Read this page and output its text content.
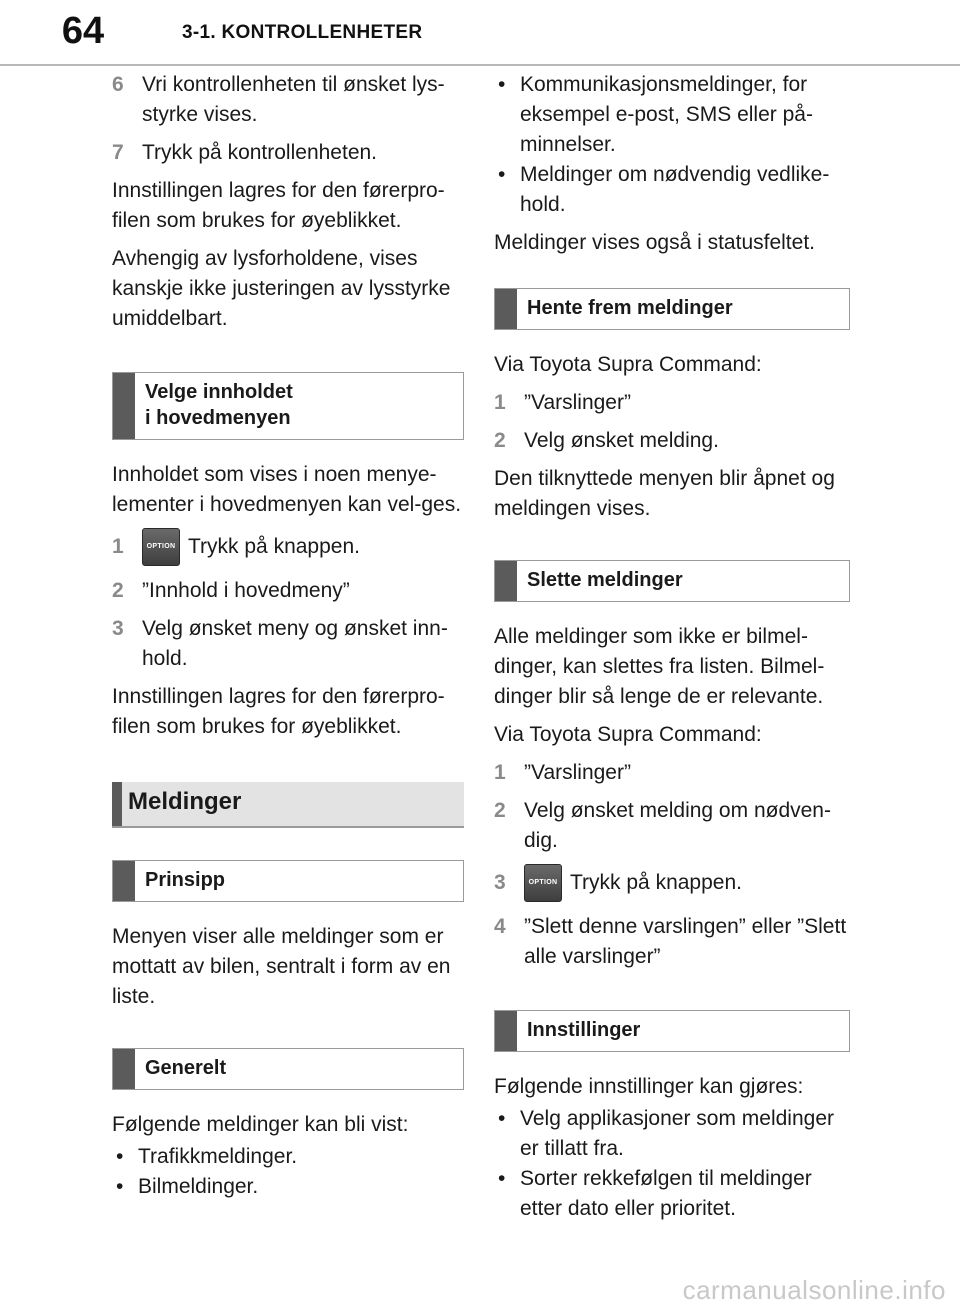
64	3-1. KONTROLLENHETER
6 Vri kontrollenheten til ønsket lys-styrke vises.
7 Trykk på kontrollenheten.

Innstillingen lagres for den førerpro-filen som brukes for øyeblikket.

Avhengig av lysforholdene, vises kanskje ikke justeringen av lysstyrke umiddelbart.

Velge innholdet
i hovedmenyen

Innholdet som vises i noen menye-lementer i hovedmenyen kan vel-ges.

1	OPTION Trykk på knappen.
2 ”Innhold i hovedmeny”
3 Velg ønsket meny og ønsket inn-hold.

Innstillingen lagres for den førerpro-filen som brukes for øyeblikket.

Meldinger
Prinsipp

Menyen viser alle meldinger som er mottatt av bilen, sentralt i form av en liste.

Generelt

Følgende meldinger kan bli vist:

• Trafikkmeldinger.
• Bilmeldinger.
• Kommunikasjonsmeldinger, for eksempel e-post, SMS eller på-minnelser.
• Meldinger om nødvendig vedlike-hold.

Meldinger vises også i statusfeltet.

Hente frem meldinger

Via Toyota Supra Command:

1 ”Varslinger”
2 Velg ønsket melding.

Den tilknyttede menyen blir åpnet og meldingen vises.

Slette meldinger

Alle meldinger som ikke er bilmel-dinger, kan slettes fra listen. Bilmel-dinger blir så lenge de er relevante.

Via Toyota Supra Command:

1 ”Varslinger”
2 Velg ønsket melding om nødven-dig.
3	OPTION Trykk på knappen.
4 ”Slett denne varslingen” eller ”Slett alle varslinger”
Innstillinger

Følgende innstillinger kan gjøres:

• Velg applikasjoner som meldinger er tillatt fra.
• Sorter rekkefølgen til meldinger etter dato eller prioritet.
carmanualsonline.info
